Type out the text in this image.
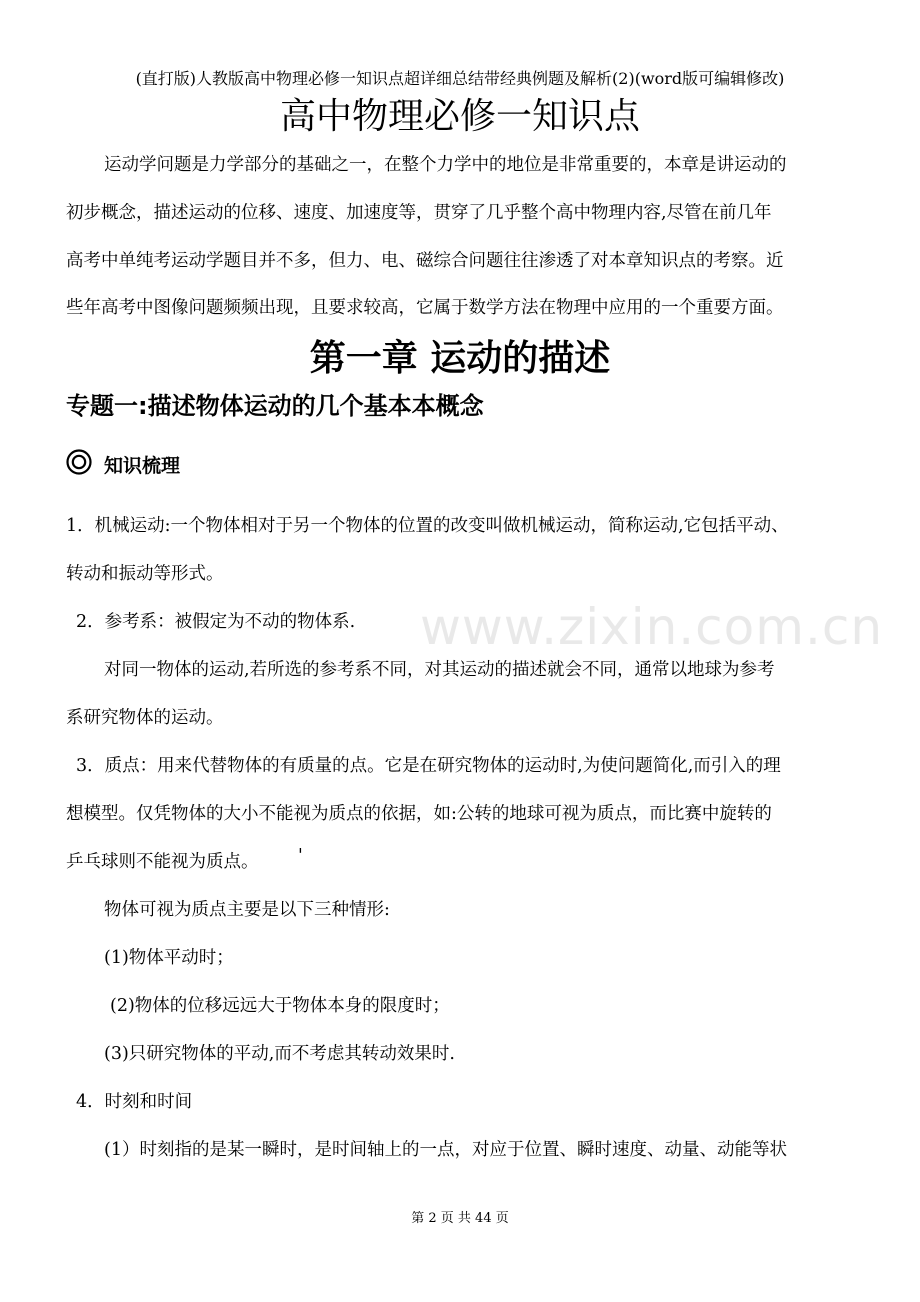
(直打版)人教版高中物理必修一知识点超详细总结带经典例题及解析(2)(word版可编辑修改)
高中物理必修一知识点
运动学问题是力学部分的基础之一，在整个力学中的地位是非常重要的，本章是讲运动的
初步概念，描述运动的位移、速度、加速度等，贯穿了几乎整个高中物理内容,尽管在前几年
高考中单纯考运动学题目并不多，但力、电、磁综合问题往往渗透了对本章知识点的考察。近
些年高考中图像问题频频出现，且要求较高，它属于数学方法在物理中应用的一个重要方面。
第一章 运动的描述
专题一:描述物体运动的几个基本本概念
知识梳理
www.zixin.com.cn
1．机械运动:一个物体相对于另一个物体的位置的改变叫做机械运动，简称运动,它包括平动、
转动和振动等形式。
2．参考系：被假定为不动的物体系.
对同一物体的运动,若所选的参考系不同，对其运动的描述就会不同，通常以地球为参考
系研究物体的运动。
3．质点：用来代替物体的有质量的点。它是在研究物体的运动时,为使问题简化,而引入的理
想模型。仅凭物体的大小不能视为质点的依据，如:公转的地球可视为质点，而比赛中旋转的
乒乓球则不能视为质点。 '
物体可视为质点主要是以下三种情形:
(1)物体平动时；
(2)物体的位移远远大于物体本身的限度时；
(3)只研究物体的平动,而不考虑其转动效果时.
4．时刻和时间
(1）时刻指的是某一瞬时，是时间轴上的一点，对应于位置、瞬时速度、动量、动能等状
第 2 页 共 44 页
